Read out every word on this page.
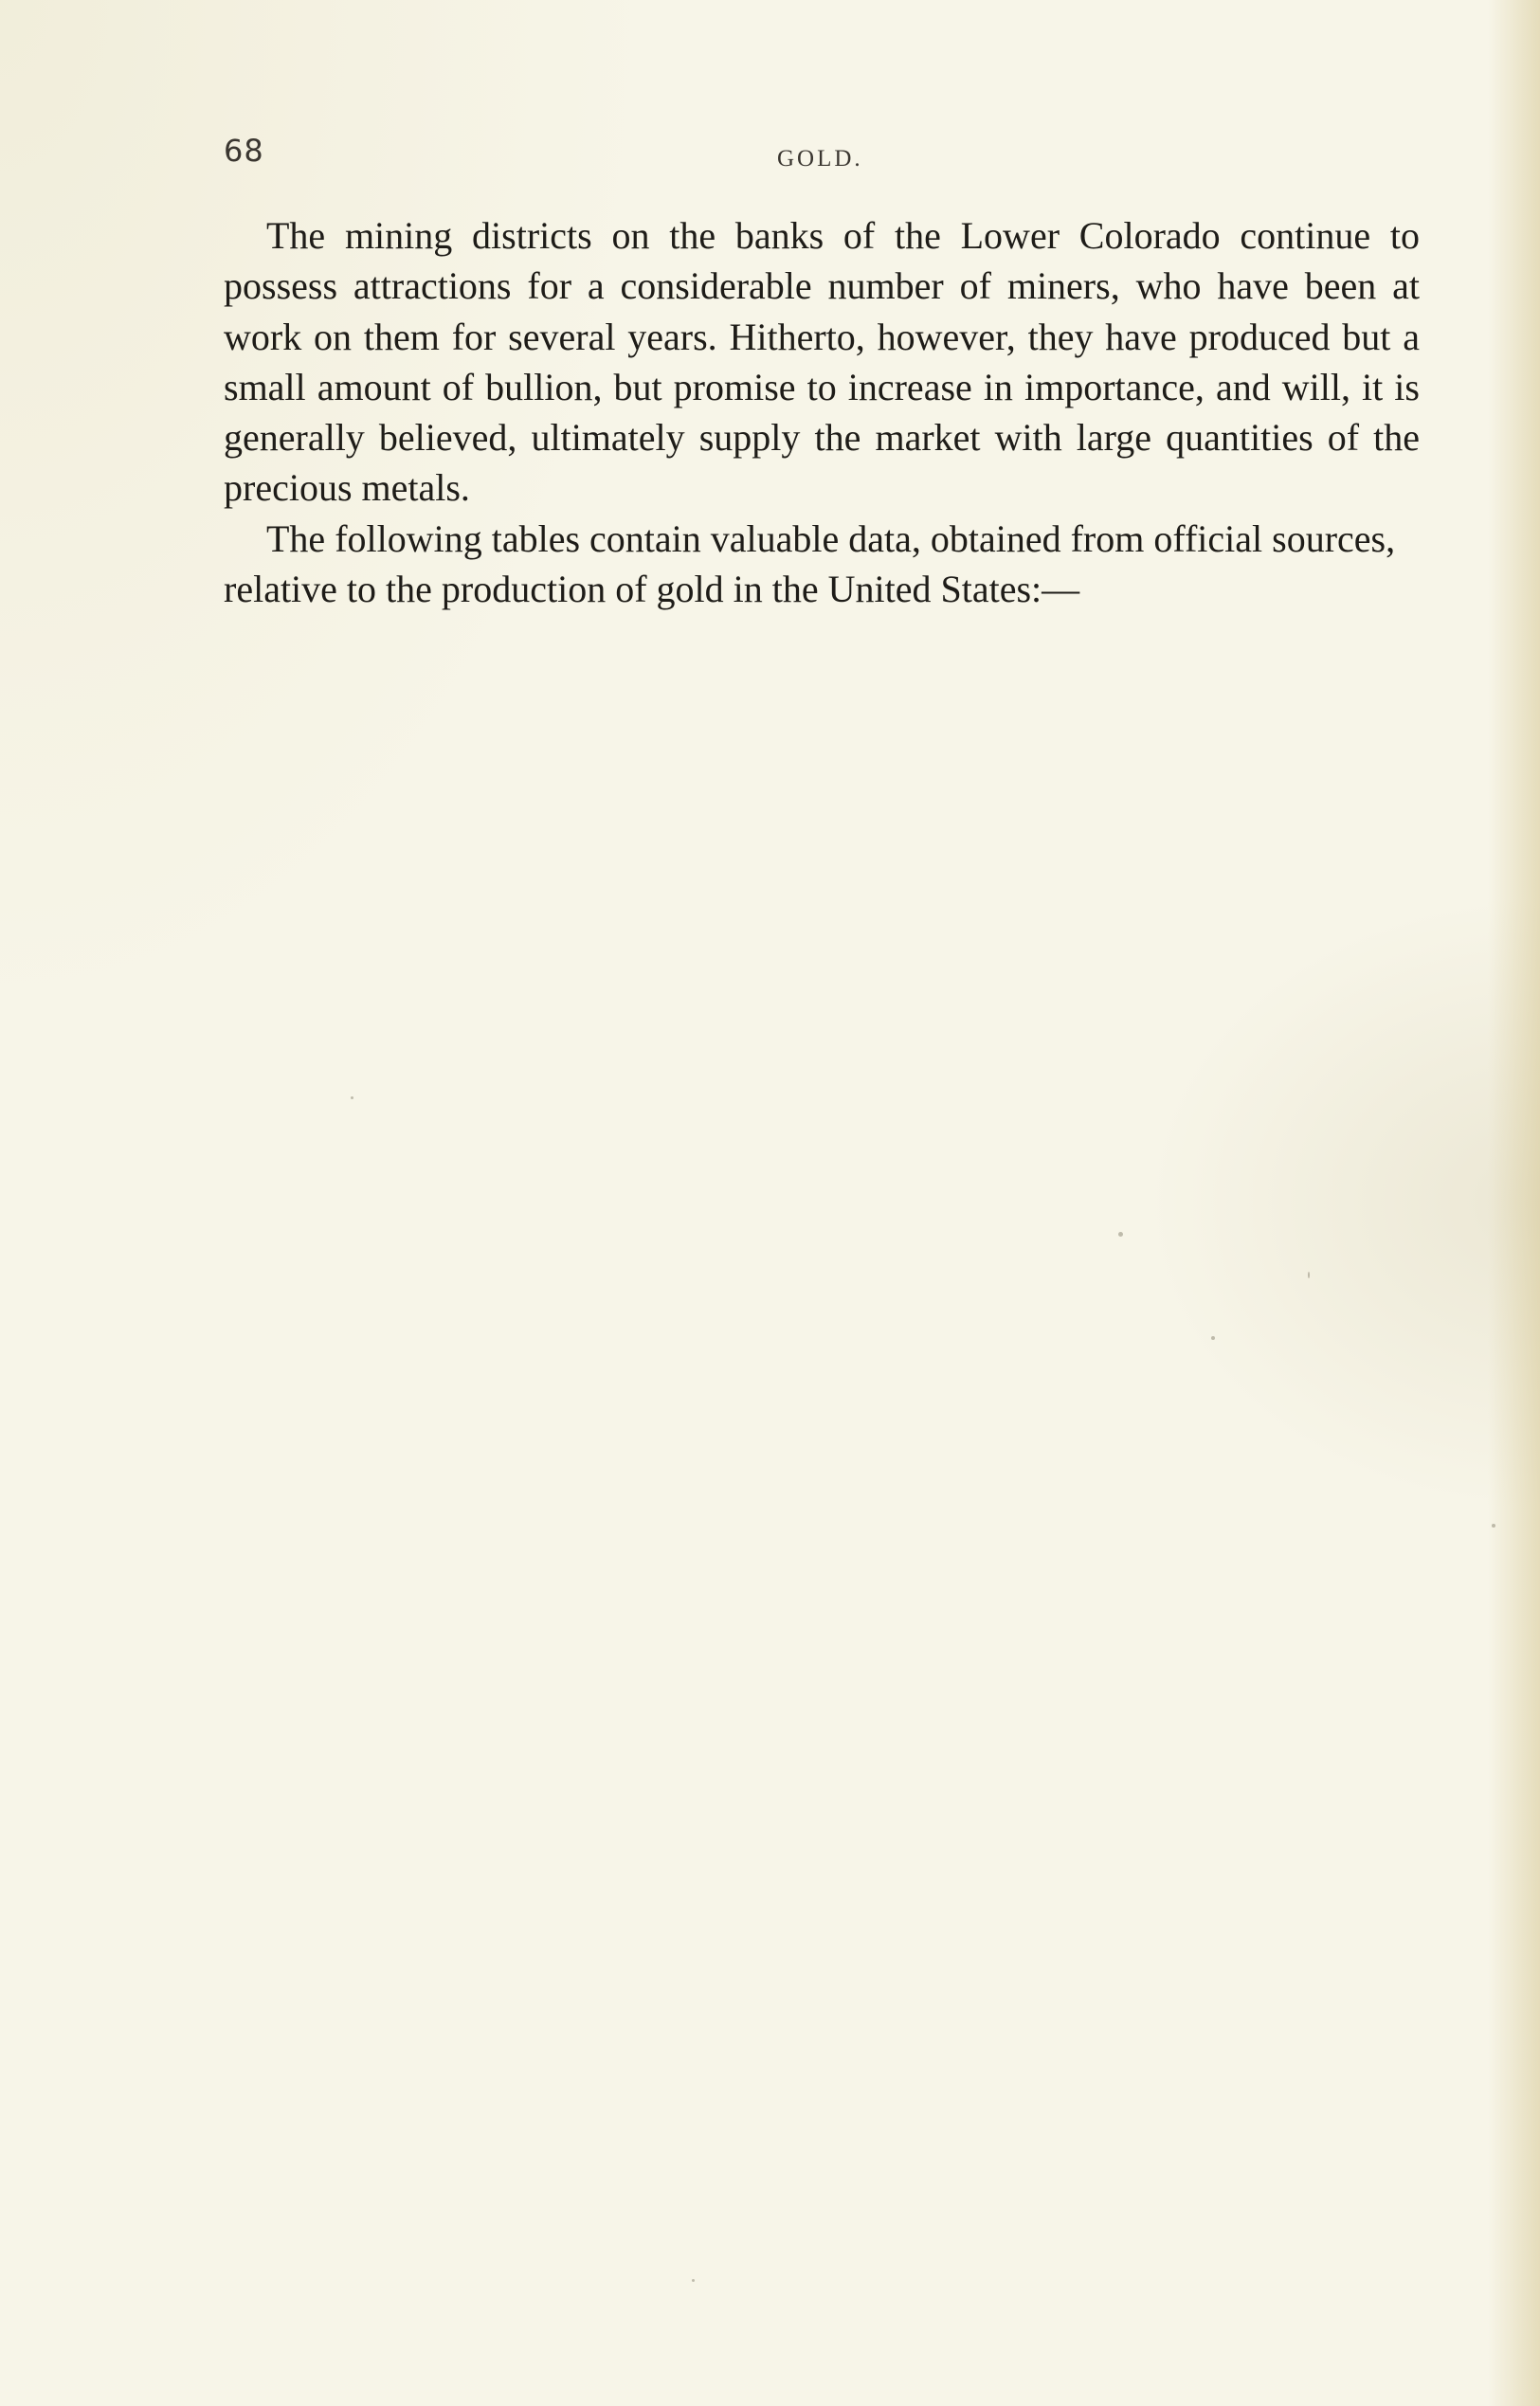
68	GOLD.

The mining districts on the banks of the Lower Colorado continue to possess attractions for a considerable number of miners, who have been at work on them for several years. Hitherto, however, they have produced but a small amount of bullion, but promise to increase in importance, and will, it is generally believed, ultimately supply the market with large quantities of the precious metals.

The following tables contain valuable data, obtained from official sources, relative to the production of gold in the United States:—
